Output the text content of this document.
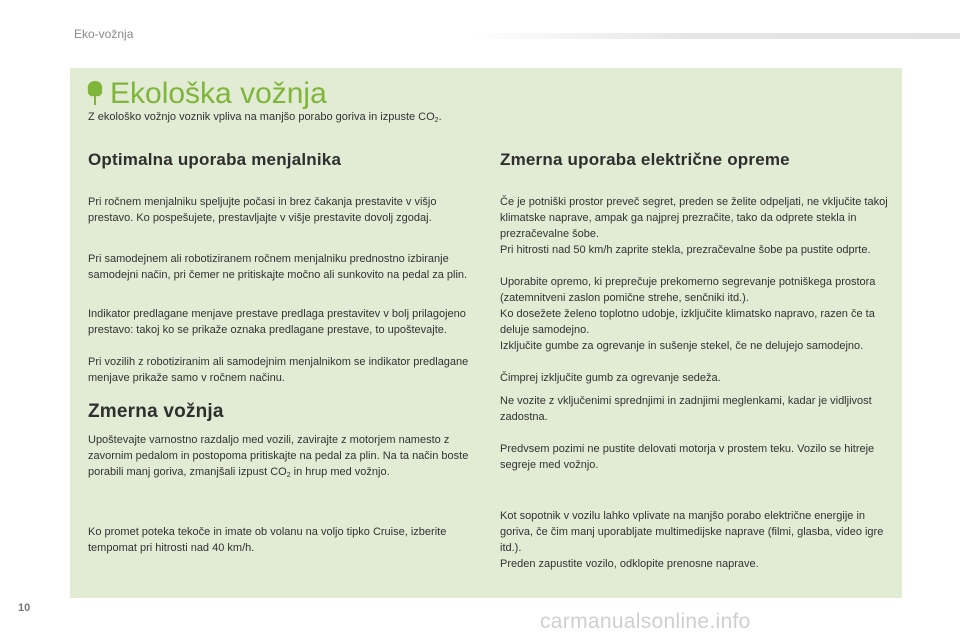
Eko-vožnja
Ekološka vožnja
Z ekološko vožnjo voznik vpliva na manjšo porabo goriva in izpuste $CO_2$.
Optimalna uporaba menjalnika

Pri ročnem menjalniku speljujte počasi in brez čakanja prestavite v višjo prestavo. Ko pospešujete, prestavljajte v višje prestavite dovolj zgodaj.

Pri samodejnem ali robotiziranem ročnem menjalniku prednostno izbiranje samodejni način, pri čemer ne pritiskajte močno ali sunkovito na pedal za plin.

Indikator predlagane menjave prestave predlaga prestavitev v bolj prilagojeno prestavo: takoj ko se prikaže oznaka predlagane prestave, to upoštevajte.

Pri vozilih z robotiziranim ali samodejnim menjalnikom se indikator predlagane menjave prikaže samo v ročnem načinu.

Zmerna vožnja

Upoštevajte varnostno razdaljo med vozili, zavirajte z motorjem namesto z zavornim pedalom in postopoma pritiskajte na pedal za plin. Na ta način boste porabili manj goriva, zmanjšali izpust $CO_2$ in hrup med vožnjo.

Ko promet poteka tekoče in imate ob volanu na voljo tipko Cruise, izberite tempomat pri hitrosti nad 40 km/h.

Zmerna uporaba električne opreme

Če je potniški prostor preveč segret, preden se želite odpeljati, ne vključite takoj klimatske naprave, ampak ga najprej prezračite, tako da odprete stekla in prezračevalne šobe.

Pri hitrosti nad 50 km/h zaprite stekla, prezračevalne šobe pa pustite odprte.

Uporabite opremo, ki preprečuje prekomerno segrevanje potniškega prostora (zatemnitveni zaslon pomične strehe, senčniki itd.).

Ko dosežete želeno toplotno udobje, izključite klimatsko napravo, razen če ta deluje samodejno.

Izključite gumbe za ogrevanje in sušenje stekel, če ne delujejo samodejno.

Čimprej izključite gumb za ogrevanje sedeža.

Ne vozite z vključenimi sprednjimi in zadnjimi meglenkami, kadar je vidljivost zadostna.

Predvsem pozimi ne pustite delovati motorja v prostem teku. Vozilo se hitreje segreje med vožnjo.

Kot sopotnik v vozilu lahko vplivate na manjšo porabo električne energije in goriva, če čim manj uporabljate multimedijske naprave (filmi, glasba, video igre itd.).

Preden zapustite vozilo, odklopite prenosne naprave.

10
carmanualsonline.info
